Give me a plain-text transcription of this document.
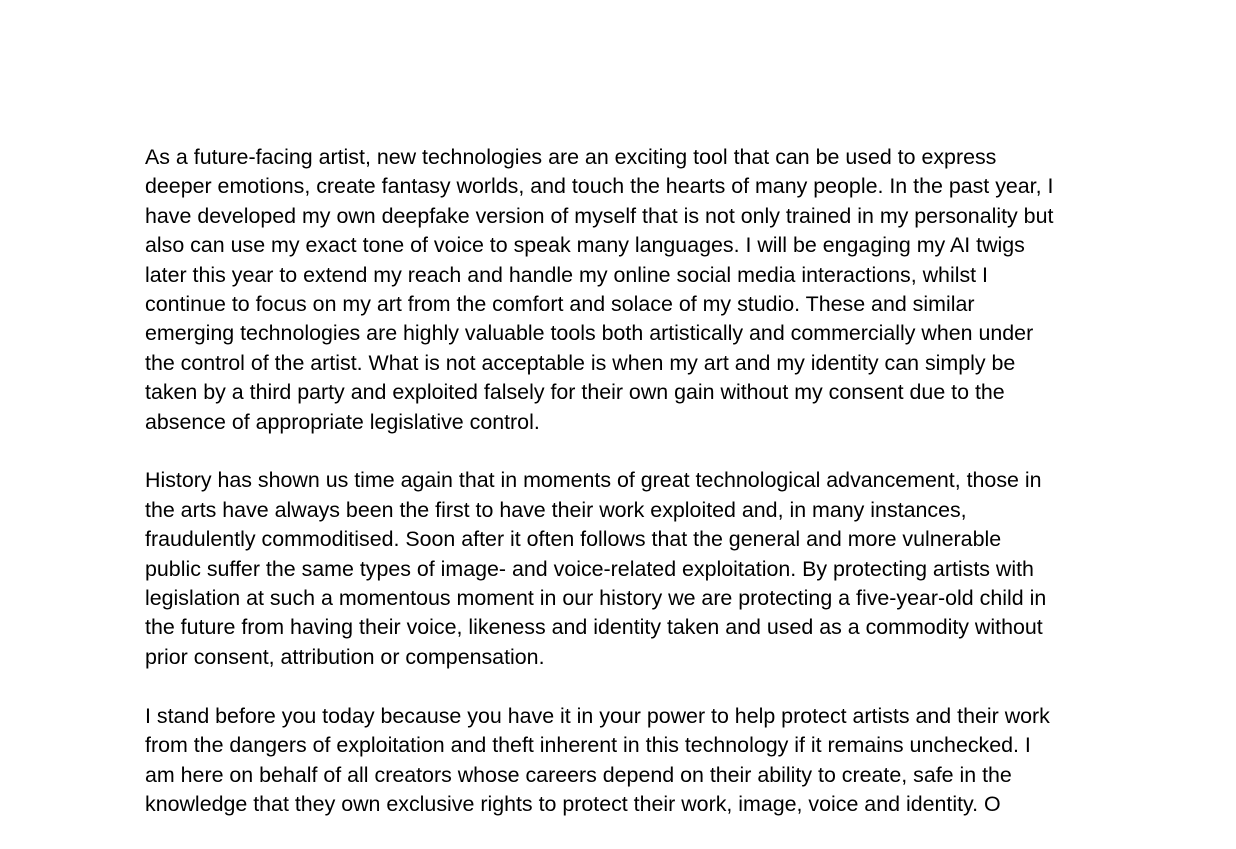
As a future-facing artist, new technologies are an exciting tool that can be used to express
deeper emotions, create fantasy worlds, and touch the hearts of many people. In the past year, I
have developed my own deepfake version of myself that is not only trained in my personality but
also can use my exact tone of voice to speak many languages. I will be engaging my AI twigs
later this year to extend my reach and handle my online social media interactions, whilst I
continue to focus on my art from the comfort and solace of my studio. These and similar
emerging technologies are highly valuable tools both artistically and commercially when under
the control of the artist. What is not acceptable is when my art and my identity can simply be
taken by a third party and exploited falsely for their own gain without my consent due to the
absence of appropriate legislative control.
History has shown us time again that in moments of great technological advancement, those in
the arts have always been the first to have their work exploited and, in many instances,
fraudulently commoditised. Soon after it often follows that the general and more vulnerable
public suffer the same types of image- and voice-related exploitation. By protecting artists with
legislation at such a momentous moment in our history we are protecting a five-year-old child in
the future from having their voice, likeness and identity taken and used as a commodity without
prior consent, attribution or compensation.
I stand before you today because you have it in your power to help protect artists and their work
from the dangers of exploitation and theft inherent in this technology if it remains unchecked. I
am here on behalf of all creators whose careers depend on their ability to create, safe in the
knowledge that they own exclusive rights to protect their work, image, voice and identity. O
